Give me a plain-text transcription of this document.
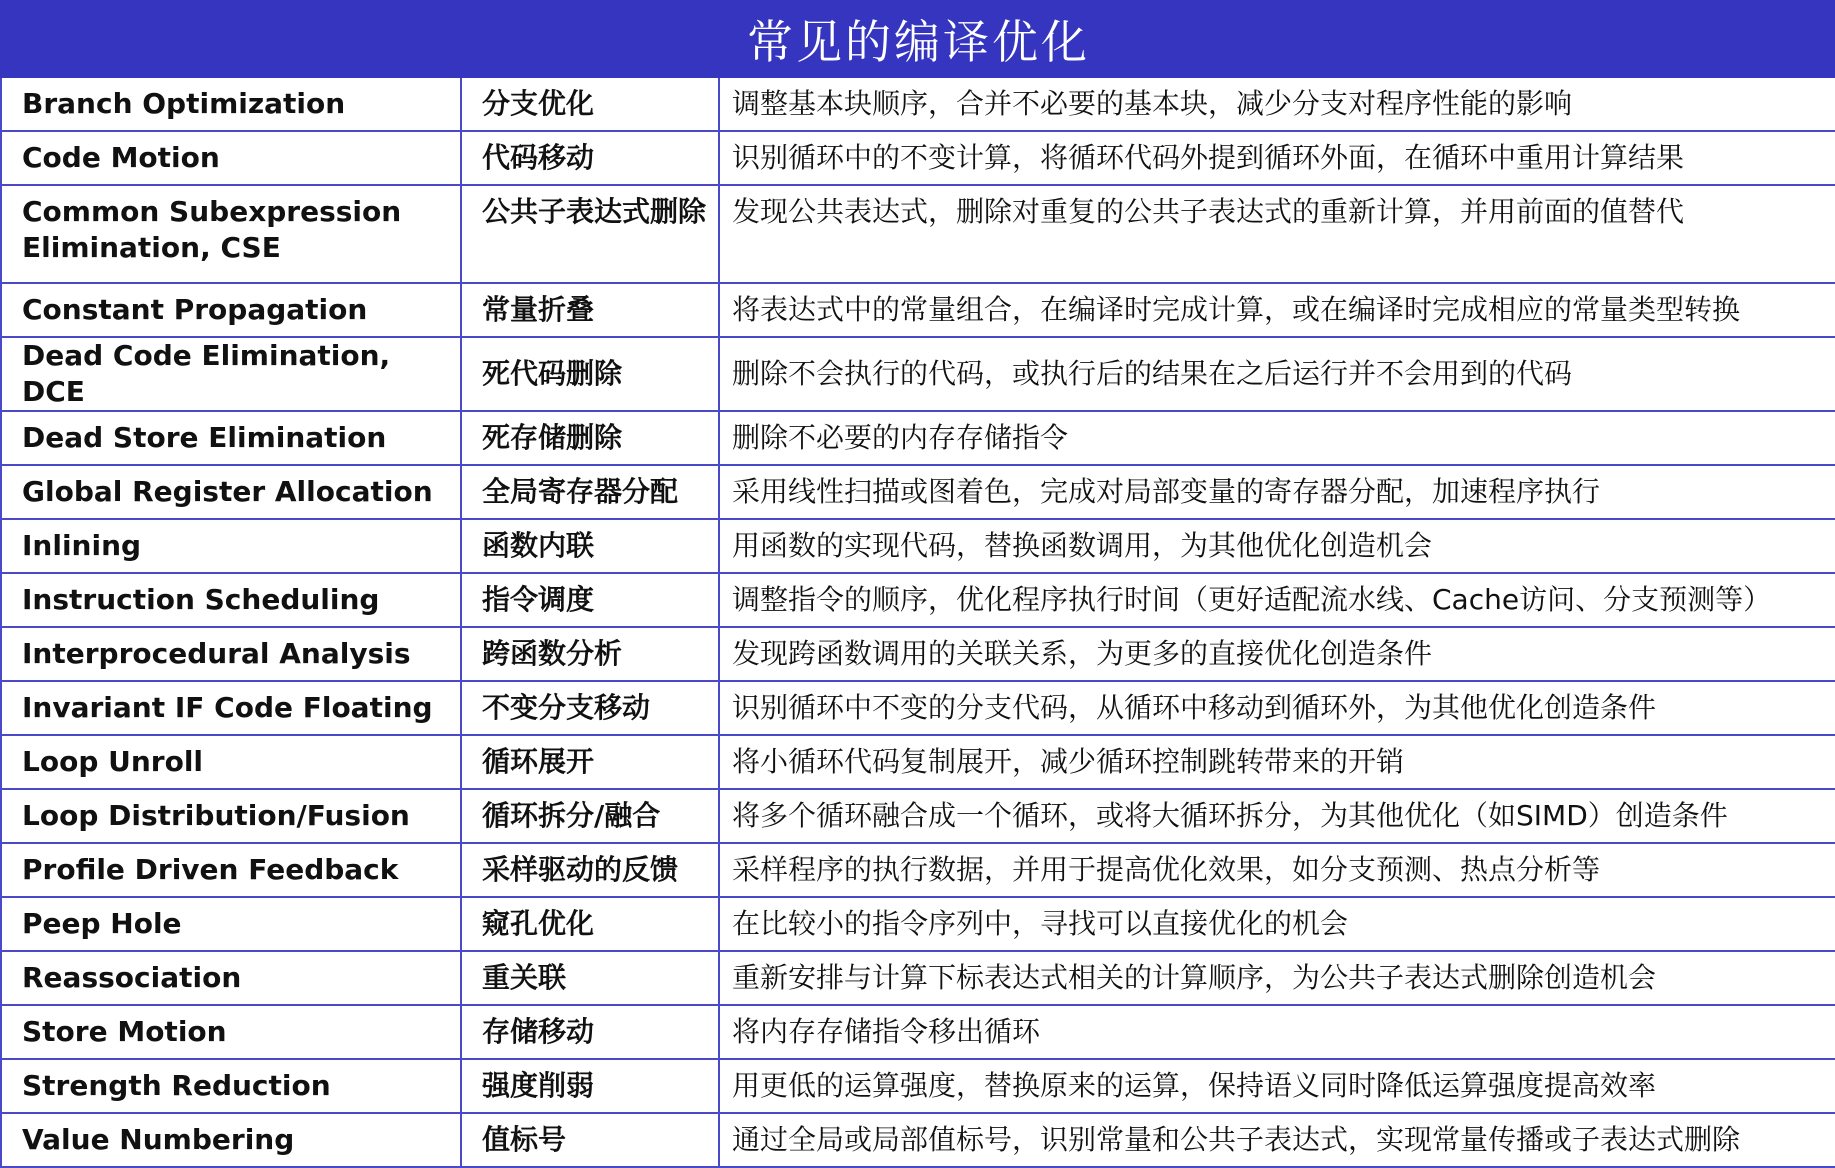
常见的编译优化		
Branch Optimization	分支优化	调整基本块顺序，合并不必要的基本块，减少分支对程序性能的影响
Code Motion	代码移动	识别循环中的不变计算，将循环代码外提到循环外面，在循环中重用计算结果
Common Subexpression Elimination, CSE	公共子表达式删除	发现公共表达式，删除对重复的公共子表达式的重新计算，并用前面的值替代
Constant Propagation	常量折叠	将表达式中的常量组合，在编译时完成计算，或在编译时完成相应的常量类型转换
Dead Code Elimination, DCE	死代码删除	删除不会执行的代码，或执行后的结果在之后运行并不会用到的代码
Dead Store Elimination	死存储删除	删除不必要的内存存储指令
Global Register Allocation	全局寄存器分配	采用线性扫描或图着色，完成对局部变量的寄存器分配，加速程序执行
Inlining	函数内联	用函数的实现代码，替换函数调用，为其他优化创造机会
Instruction Scheduling	指令调度	调整指令的顺序，优化程序执行时间（更好适配流水线、Cache访问、分支预测等）
Interprocedural Analysis	跨函数分析	发现跨函数调用的关联关系，为更多的直接优化创造条件
Invariant IF Code Floating	不变分支移动	识别循环中不变的分支代码，从循环中移动到循环外，为其他优化创造条件
Loop Unroll	循环展开	将小循环代码复制展开，减少循环控制跳转带来的开销
Loop Distribution/Fusion	循环拆分/融合	将多个循环融合成一个循环，或将大循环拆分，为其他优化（如SIMD）创造条件
Profile Driven Feedback	采样驱动的反馈	采样程序的执行数据，并用于提高优化效果，如分支预测、热点分析等
Peep Hole	窥孔优化	在比较小的指令序列中，寻找可以直接优化的机会
Reassociation	重关联	重新安排与计算下标表达式相关的计算顺序，为公共子表达式删除创造机会
Store Motion	存储移动	将内存存储指令移出循环
Strength Reduction	强度削弱	用更低的运算强度，替换原来的运算，保持语义同时降低运算强度提高效率
Value Numbering	值标号	通过全局或局部值标号，识别常量和公共子表达式，实现常量传播或子表达式删除
